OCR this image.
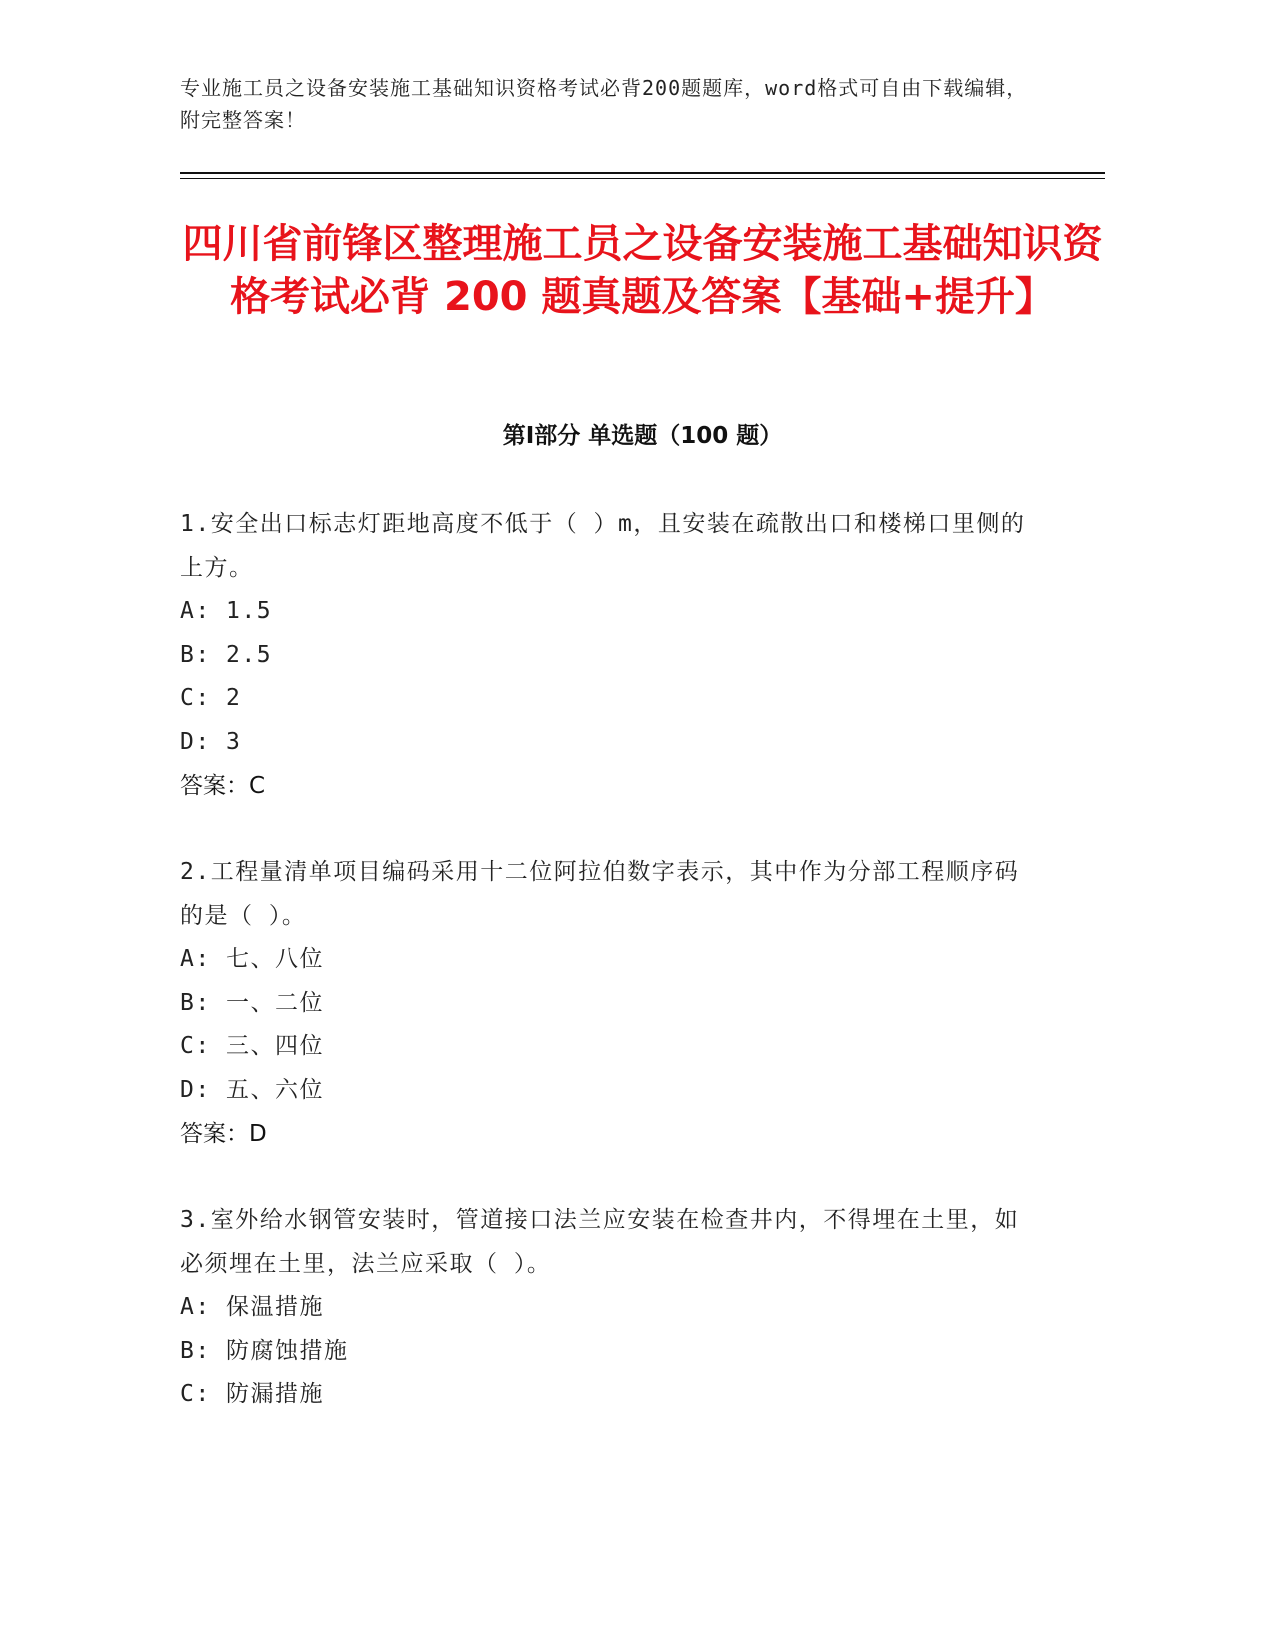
专业施工员之设备安装施工基础知识资格考试必背200题题库，word格式可自由下载编辑，附完整答案！
四川省前锋区整理施工员之设备安装施工基础知识资格考试必背 200 题真题及答案【基础+提升】
第Ⅰ部分 单选题（100 题）

1.安全出口标志灯距地高度不低于（ ）m，且安装在疏散出口和楼梯口里侧的上方。

A: 1.5

B: 2.5

C: 2

D: 3

答案：C

2.工程量清单项目编码采用十二位阿拉伯数字表示，其中作为分部工程顺序码的是（ ）。

A: 七、八位

B: 一、二位

C: 三、四位

D: 五、六位

答案：D

3.室外给水钢管安装时，管道接口法兰应安装在检查井内，不得埋在土里，如必须埋在土里，法兰应采取（ ）。

A: 保温措施

B: 防腐蚀措施

C: 防漏措施
